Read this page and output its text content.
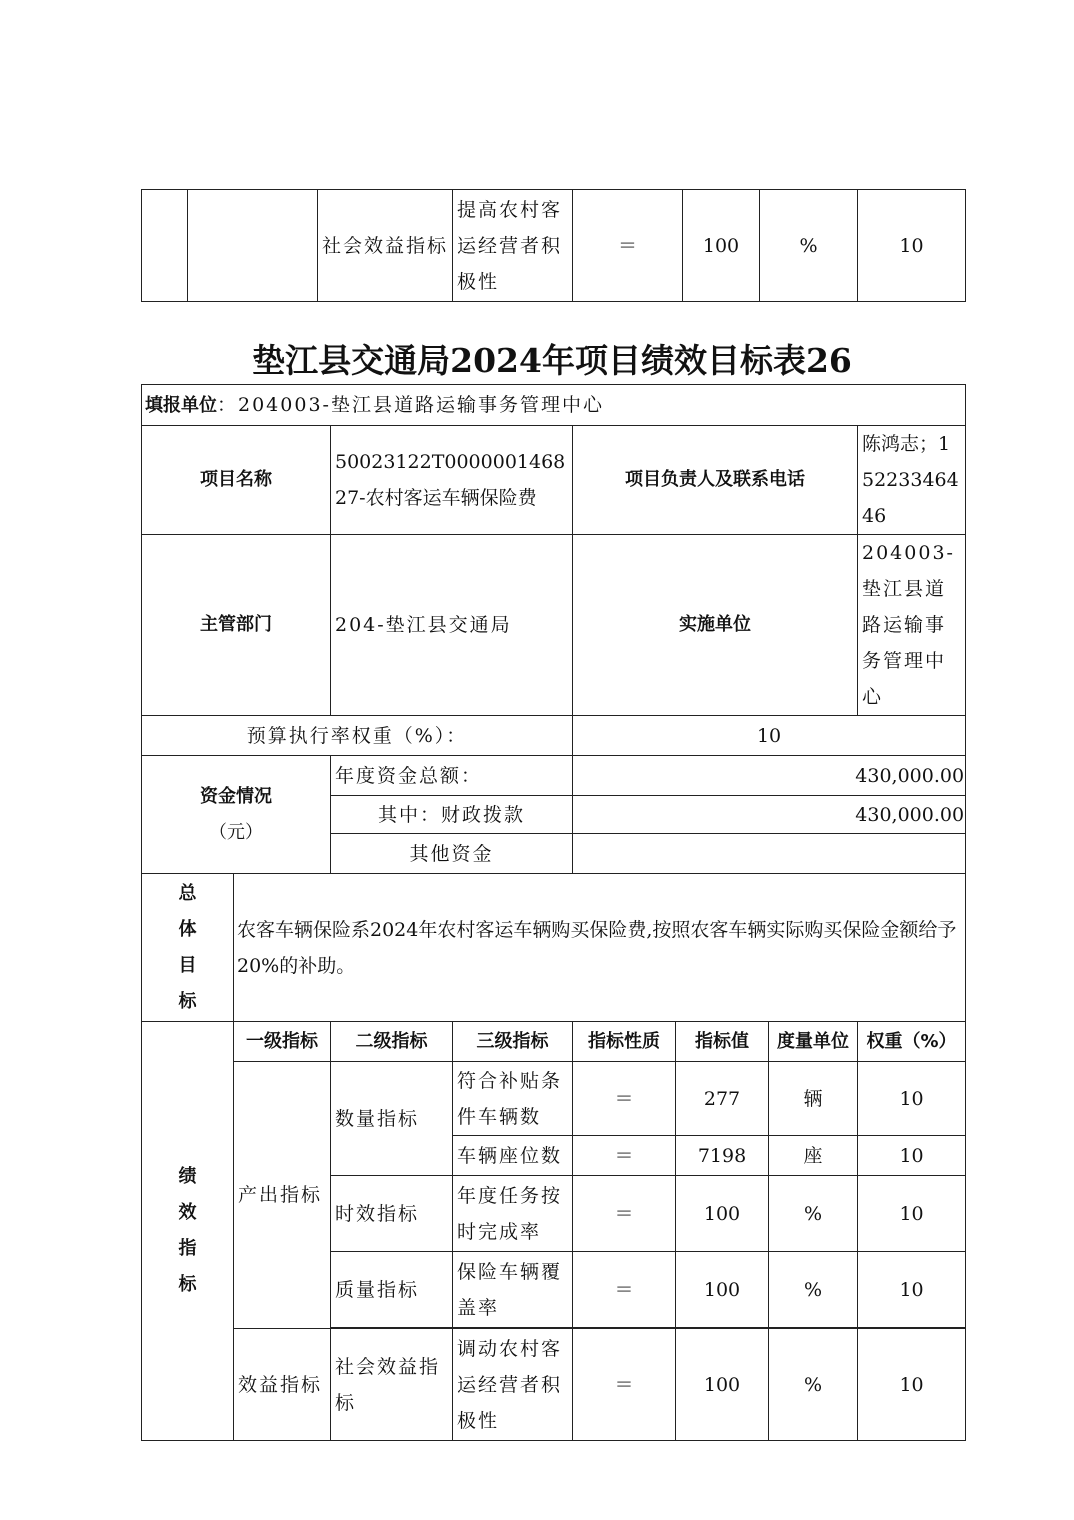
		社会效益指标	提高农村客运经营者积极性	＝	100	%	10
垫江县交通局2024年项目绩效目标表26
填报单位：204003-垫江县道路运输事务管理中心							
项目名称		50023122T000000146827-农村客运车辆保险费		项目负责人及联系电话			陈鸿志；15223346446
主管部门		204-垫江县交通局		实施单位			204003-垫江县道路运输事务管理中心
预算执行率权重（%）：				10			

资金情况
（元）		年度资金总额：		430,000.00			
		其中：财政拨款		430,000.00			
		其他资金					

总
体
目
标	农客车辆保险系2024年农村客运车辆购买保险费,按照农客车辆实际购买保险金额给予20%的补助。						

绩
效
指
标	一级指标	二级指标	三级指标	指标性质	指标值	度量单位	权重（%）
	产出指标	数量指标	符合补贴条件车辆数	＝	277	辆	10
			车辆座位数	＝	7198	座	10
		时效指标	年度任务按时完成率	＝	100	%	10
		质量指标	保险车辆覆盖率	＝	100	%	10

	效益指标	社会效益指标	调动农村客运经营者积极性	＝	100	%	10
